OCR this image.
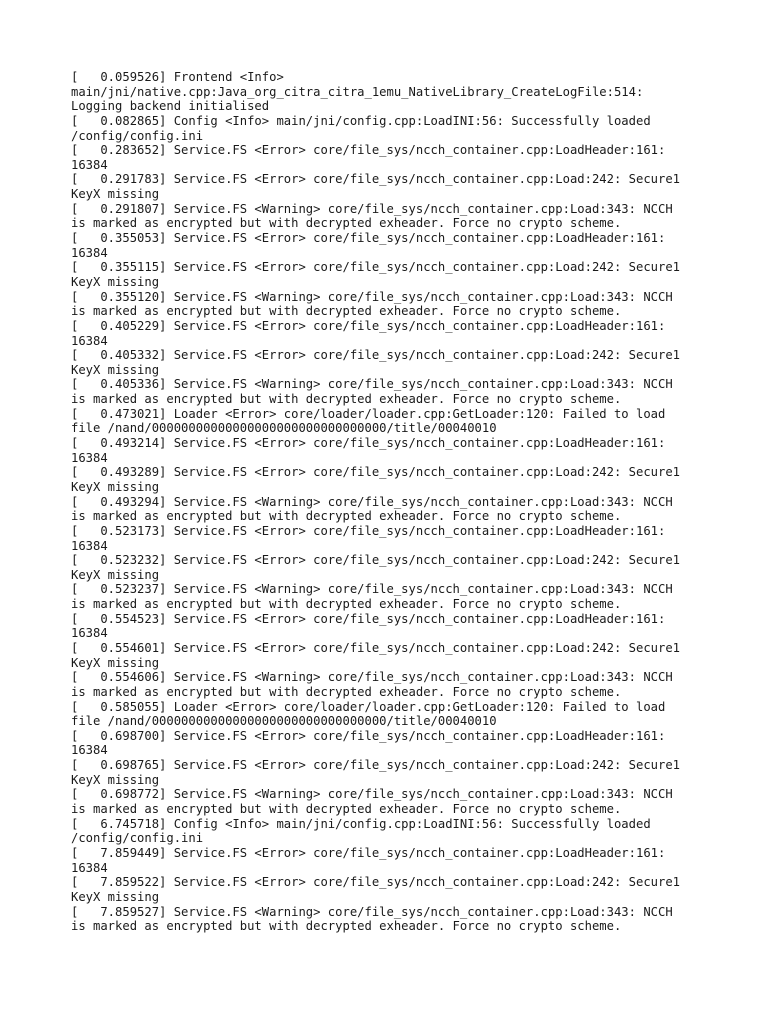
[   0.059526] Frontend <Info>
main/jni/native.cpp:Java_org_citra_citra_1emu_NativeLibrary_CreateLogFile:514:
Logging backend initialised
[   0.082865] Config <Info> main/jni/config.cpp:LoadINI:56: Successfully loaded
/config/config.ini
[   0.283652] Service.FS <Error> core/file_sys/ncch_container.cpp:LoadHeader:161:
16384
[   0.291783] Service.FS <Error> core/file_sys/ncch_container.cpp:Load:242: Secure1
KeyX missing
[   0.291807] Service.FS <Warning> core/file_sys/ncch_container.cpp:Load:343: NCCH
is marked as encrypted but with decrypted exheader. Force no crypto scheme.
[   0.355053] Service.FS <Error> core/file_sys/ncch_container.cpp:LoadHeader:161:
16384
[   0.355115] Service.FS <Error> core/file_sys/ncch_container.cpp:Load:242: Secure1
KeyX missing
[   0.355120] Service.FS <Warning> core/file_sys/ncch_container.cpp:Load:343: NCCH
is marked as encrypted but with decrypted exheader. Force no crypto scheme.
[   0.405229] Service.FS <Error> core/file_sys/ncch_container.cpp:LoadHeader:161:
16384
[   0.405332] Service.FS <Error> core/file_sys/ncch_container.cpp:Load:242: Secure1
KeyX missing
[   0.405336] Service.FS <Warning> core/file_sys/ncch_container.cpp:Load:343: NCCH
is marked as encrypted but with decrypted exheader. Force no crypto scheme.
[   0.473021] Loader <Error> core/loader/loader.cpp:GetLoader:120: Failed to load
file /nand/00000000000000000000000000000000/title/00040010
[   0.493214] Service.FS <Error> core/file_sys/ncch_container.cpp:LoadHeader:161:
16384
[   0.493289] Service.FS <Error> core/file_sys/ncch_container.cpp:Load:242: Secure1
KeyX missing
[   0.493294] Service.FS <Warning> core/file_sys/ncch_container.cpp:Load:343: NCCH
is marked as encrypted but with decrypted exheader. Force no crypto scheme.
[   0.523173] Service.FS <Error> core/file_sys/ncch_container.cpp:LoadHeader:161:
16384
[   0.523232] Service.FS <Error> core/file_sys/ncch_container.cpp:Load:242: Secure1
KeyX missing
[   0.523237] Service.FS <Warning> core/file_sys/ncch_container.cpp:Load:343: NCCH
is marked as encrypted but with decrypted exheader. Force no crypto scheme.
[   0.554523] Service.FS <Error> core/file_sys/ncch_container.cpp:LoadHeader:161:
16384
[   0.554601] Service.FS <Error> core/file_sys/ncch_container.cpp:Load:242: Secure1
KeyX missing
[   0.554606] Service.FS <Warning> core/file_sys/ncch_container.cpp:Load:343: NCCH
is marked as encrypted but with decrypted exheader. Force no crypto scheme.
[   0.585055] Loader <Error> core/loader/loader.cpp:GetLoader:120: Failed to load
file /nand/00000000000000000000000000000000/title/00040010
[   0.698700] Service.FS <Error> core/file_sys/ncch_container.cpp:LoadHeader:161:
16384
[   0.698765] Service.FS <Error> core/file_sys/ncch_container.cpp:Load:242: Secure1
KeyX missing
[   0.698772] Service.FS <Warning> core/file_sys/ncch_container.cpp:Load:343: NCCH
is marked as encrypted but with decrypted exheader. Force no crypto scheme.
[   6.745718] Config <Info> main/jni/config.cpp:LoadINI:56: Successfully loaded
/config/config.ini
[   7.859449] Service.FS <Error> core/file_sys/ncch_container.cpp:LoadHeader:161:
16384
[   7.859522] Service.FS <Error> core/file_sys/ncch_container.cpp:Load:242: Secure1
KeyX missing
[   7.859527] Service.FS <Warning> core/file_sys/ncch_container.cpp:Load:343: NCCH
is marked as encrypted but with decrypted exheader. Force no crypto scheme.
